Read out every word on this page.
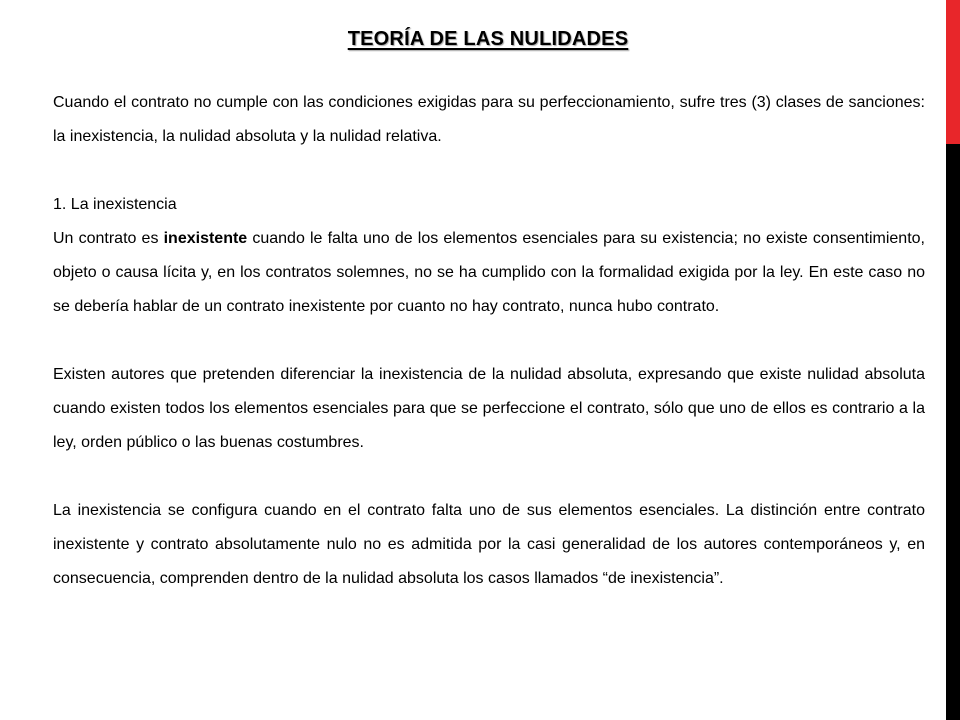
TEORÍA DE LAS NULIDADES

Cuando el contrato no cumple con las condiciones exigidas para su perfeccionamiento, sufre tres (3) clases de sanciones: la inexistencia, la nulidad absoluta y la nulidad relativa.

1. La inexistencia

Un contrato es inexistente cuando le falta uno de los elementos esenciales para su existencia; no existe consentimiento, objeto o causa lícita y, en los contratos solemnes, no se ha cumplido con la formalidad exigida por la ley. En este caso no se debería hablar de un contrato inexistente por cuanto no hay contrato, nunca hubo contrato.

Existen autores que pretenden diferenciar la inexistencia de la nulidad absoluta, expresando que existe nulidad absoluta cuando existen todos los elementos esenciales para que se perfeccione el contrato, sólo que uno de ellos es contrario a la ley, orden público o las buenas costumbres.

La inexistencia se configura cuando en el contrato falta uno de sus elementos esenciales. La distinción entre contrato inexistente y contrato absolutamente nulo no es admitida por la casi generalidad de los autores contemporáneos y, en consecuencia, comprenden dentro de la nulidad absoluta los casos llamados “de inexistencia”.
